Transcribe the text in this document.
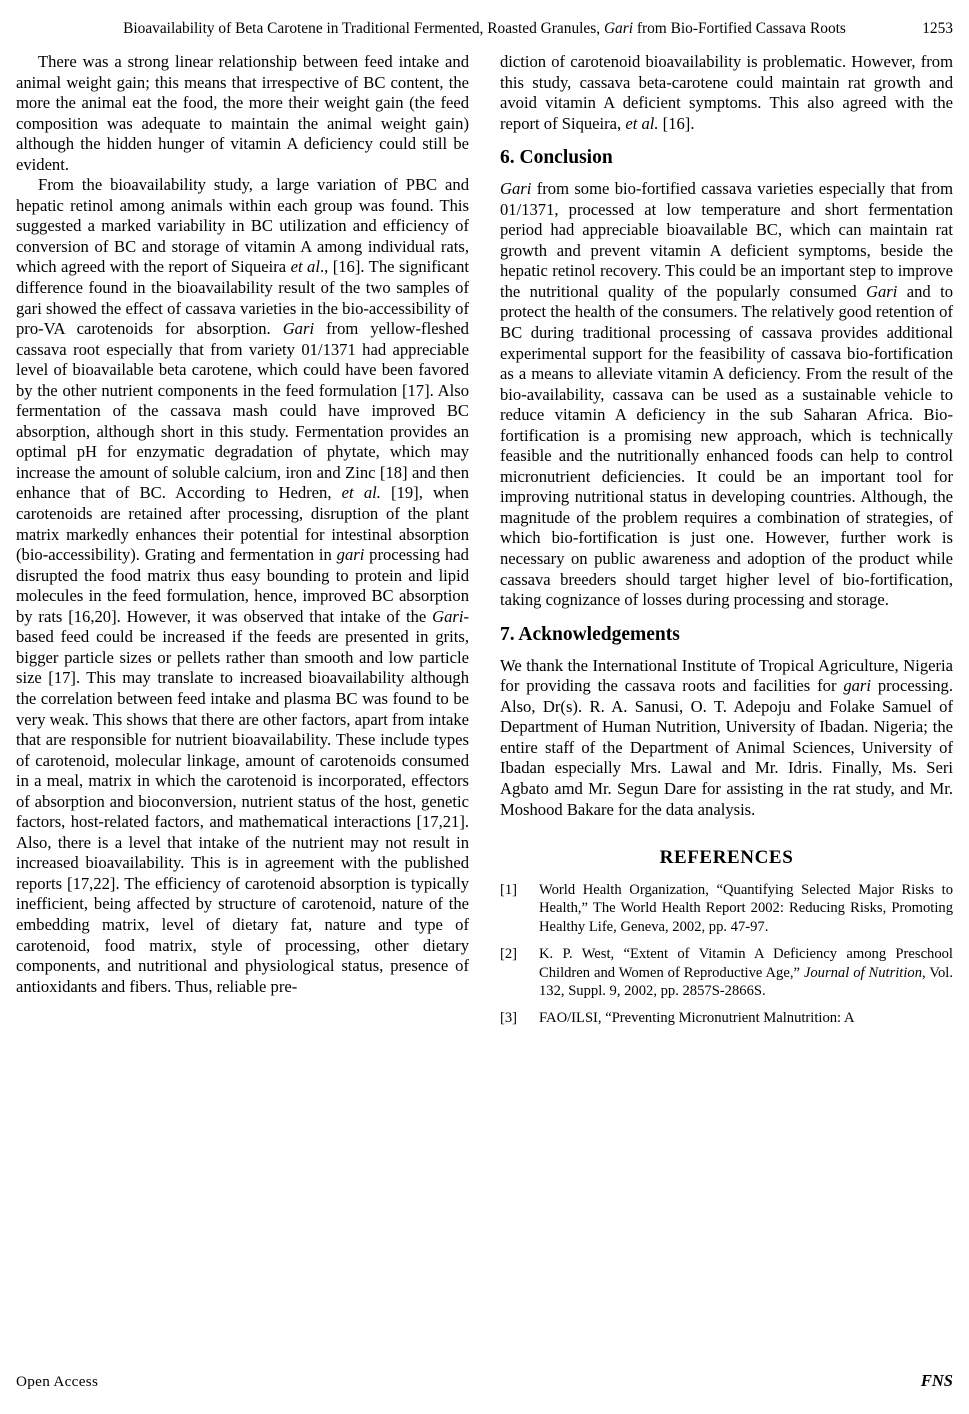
Bioavailability of Beta Carotene in Traditional Fermented, Roasted Granules, Gari from Bio-Fortified Cassava Roots	1253

There was a strong linear relationship between feed intake and animal weight gain; this means that irrespective of BC content, the more the animal eat the food, the more their weight gain (the feed composition was adequate to maintain the animal weight gain) although the hidden hunger of vitamin A deficiency could still be evident.

From the bioavailability study, a large variation of PBC and hepatic retinol among animals within each group was found. This suggested a marked variability in BC utilization and efficiency of conversion of BC and storage of vitamin A among individual rats, which agreed with the report of Siqueira et al., [16]. The significant difference found in the bioavailability result of the two samples of gari showed the effect of cassava varieties in the bio-accessibility of pro-VA carotenoids for absorption. Gari from yellow-fleshed cassava root especially that from variety 01/1371 had appreciable level of bioavailable beta carotene, which could have been favored by the other nutrient components in the feed formulation [17]. Also fermentation of the cassava mash could have improved BC absorption, although short in this study. Fermentation provides an optimal pH for enzymatic degradation of phytate, which may increase the amount of soluble calcium, iron and Zinc [18] and then enhance that of BC. According to Hedren, et al. [19], when carotenoids are retained after processing, disruption of the plant matrix markedly enhances their potential for intestinal absorption (bio-accessibility). Grating and fermentation in gari processing had disrupted the food matrix thus easy bounding to protein and lipid molecules in the feed formulation, hence, improved BC absorption by rats [16,20]. However, it was observed that intake of the Gari-based feed could be increased if the feeds are presented in grits, bigger particle sizes or pellets rather than smooth and low particle size [17]. This may translate to increased bioavailability although the correlation between feed intake and plasma BC was found to be very weak. This shows that there are other factors, apart from intake that are responsible for nutrient bioavailability. These include types of carotenoid, molecular linkage, amount of carotenoids consumed in a meal, matrix in which the carotenoid is incorporated, effectors of absorption and bioconversion, nutrient status of the host, genetic factors, host-related factors, and mathematical interactions [17,21]. Also, there is a level that intake of the nutrient may not result in increased bioavailability. This is in agreement with the published reports [17,22]. The efficiency of carotenoid absorption is typically inefficient, being affected by structure of carotenoid, nature of the embedding matrix, level of dietary fat, nature and type of carotenoid, food matrix, style of processing, other dietary components, and nutritional and physiological status, presence of antioxidants and fibers. Thus, reliable pre-

diction of carotenoid bioavailability is problematic. However, from this study, cassava beta-carotene could maintain rat growth and avoid vitamin A deficient symptoms. This also agreed with the report of Siqueira, et al. [16].

6. Conclusion

Gari from some bio-fortified cassava varieties especially that from 01/1371, processed at low temperature and short fermentation period had appreciable bioavailable BC, which can maintain rat growth and prevent vitamin A deficient symptoms, beside the hepatic retinol recovery. This could be an important step to improve the nutritional quality of the popularly consumed Gari and to protect the health of the consumers. The relatively good retention of BC during traditional processing of cassava provides additional experimental support for the feasibility of cassava bio-fortification as a means to alleviate vitamin A deficiency. From the result of the bio-availability, cassava can be used as a sustainable vehicle to reduce vitamin A deficiency in the sub Saharan Africa. Bio-fortification is a promising new approach, which is technically feasible and the nutritionally enhanced foods can help to control micronutrient deficiencies. It could be an important tool for improving nutritional status in developing countries. Although, the magnitude of the problem requires a combination of strategies, of which bio-fortification is just one. However, further work is necessary on public awareness and adoption of the product while cassava breeders should target higher level of bio-fortification, taking cognizance of losses during processing and storage.

7. Acknowledgements

We thank the International Institute of Tropical Agriculture, Nigeria for providing the cassava roots and facilities for gari processing. Also, Dr(s). R. A. Sanusi, O. T. Adepoju and Folake Samuel of Department of Human Nutrition, University of Ibadan. Nigeria; the entire staff of the Department of Animal Sciences, University of Ibadan especially Mrs. Lawal and Mr. Idris. Finally, Ms. Seri Agbato amd Mr. Segun Dare for assisting in the rat study, and Mr. Moshood Bakare for the data analysis.

REFERENCES
[1]	World Health Organization, “Quantifying Selected Major Risks to Health,” The World Health Report 2002: Reducing Risks, Promoting Healthy Life, Geneva, 2002, pp. 47-97.
[2]	K. P. West, “Extent of Vitamin A Deficiency among Preschool Children and Women of Reproductive Age,” Journal of Nutrition, Vol. 132, Suppl. 9, 2002, pp. 2857S-2866S.
[3]	FAO/ILSI, “Preventing Micronutrient Malnutrition: A
Open Access	FNS
